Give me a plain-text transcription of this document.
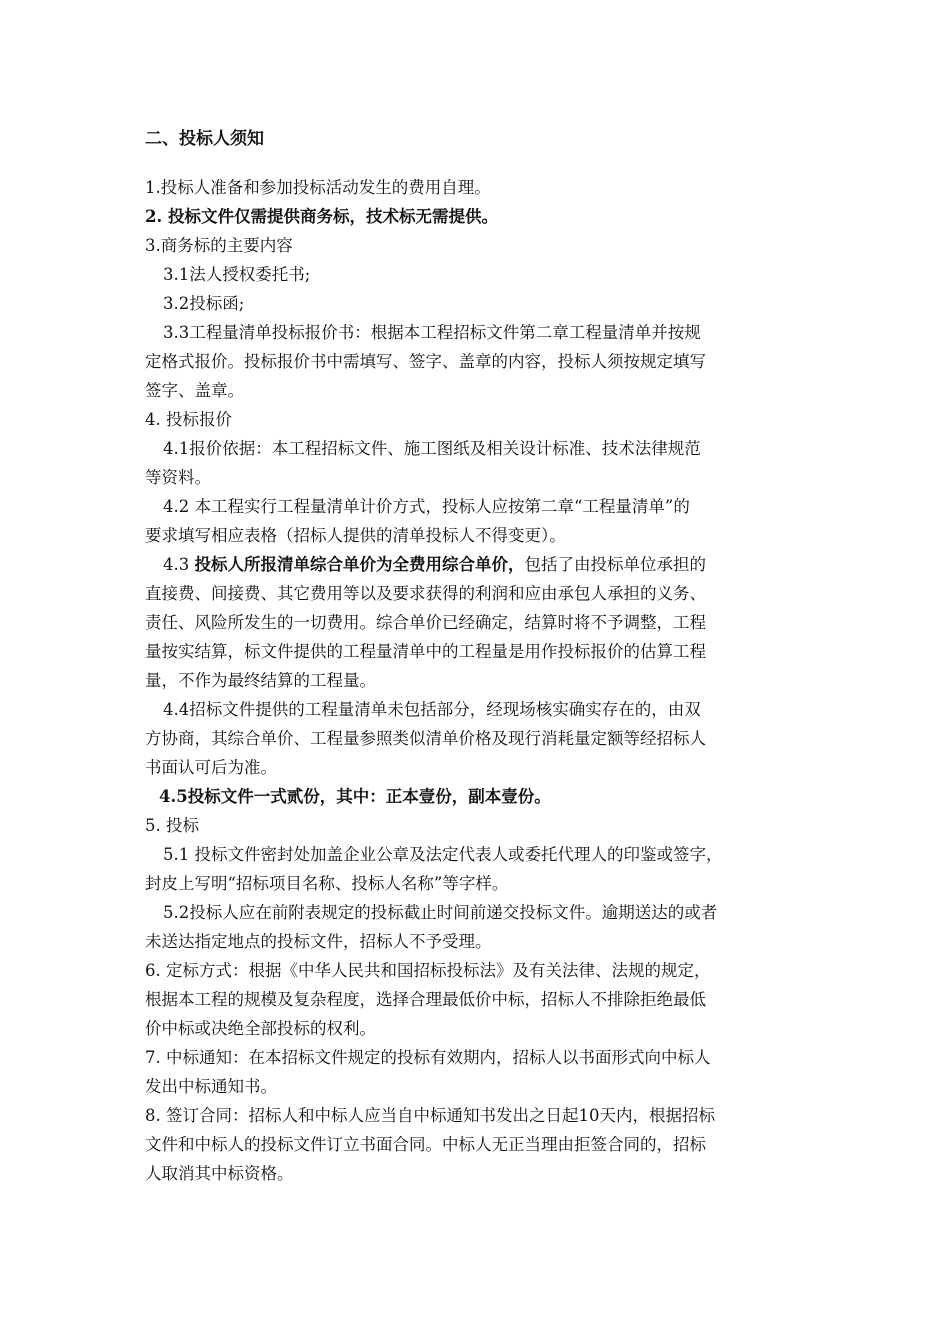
二、投标人须知
1.投标人准备和参加投标活动发生的费用自理。
2. 投标文件仅需提供商务标，技术标无需提供。
3.商务标的主要内容
3.1法人授权委托书;
3.2投标函;
3.3工程量清单投标报价书：根据本工程招标文件第二章工程量清单并按规
定格式报价。投标报价书中需填写、签字、盖章的内容，投标人须按规定填写
签字、盖章。
4. 投标报价
4.1报价依据：本工程招标文件、施工图纸及相关设计标准、技术法律规范
等资料。
4.2 本工程实行工程量清单计价方式，投标人应按第二章“工程量清单”的
要求填写相应表格（招标人提供的清单投标人不得变更）。
4.3 投标人所报清单综合单价为全费用综合单价，包括了由投标单位承担的
直接费、间接费、其它费用等以及要求获得的利润和应由承包人承担的义务、
责任、风险所发生的一切费用。综合单价已经确定，结算时将不予调整，工程
量按实结算，标文件提供的工程量清单中的工程量是用作投标报价的估算工程
量，不作为最终结算的工程量。
4.4招标文件提供的工程量清单未包括部分，经现场核实确实存在的，由双
方协商，其综合单价、工程量参照类似清单价格及现行消耗量定额等经招标人
书面认可后为准。
4.5投标文件一式贰份，其中：正本壹份，副本壹份。
5. 投标
5.1 投标文件密封处加盖企业公章及法定代表人或委托代理人的印鉴或签字，
封皮上写明“招标项目名称、投标人名称”等字样。
5.2投标人应在前附表规定的投标截止时间前递交投标文件。逾期送达的或者
未送达指定地点的投标文件，招标人不予受理。
6. 定标方式：根据《中华人民共和国招标投标法》及有关法律、法规的规定，
根据本工程的规模及复杂程度，选择合理最低价中标，招标人不排除拒绝最低
价中标或决绝全部投标的权利。
7. 中标通知：在本招标文件规定的投标有效期内，招标人以书面形式向中标人
发出中标通知书。
8. 签订合同：招标人和中标人应当自中标通知书发出之日起10天内，根据招标
文件和中标人的投标文件订立书面合同。中标人无正当理由拒签合同的，招标
人取消其中标资格。
